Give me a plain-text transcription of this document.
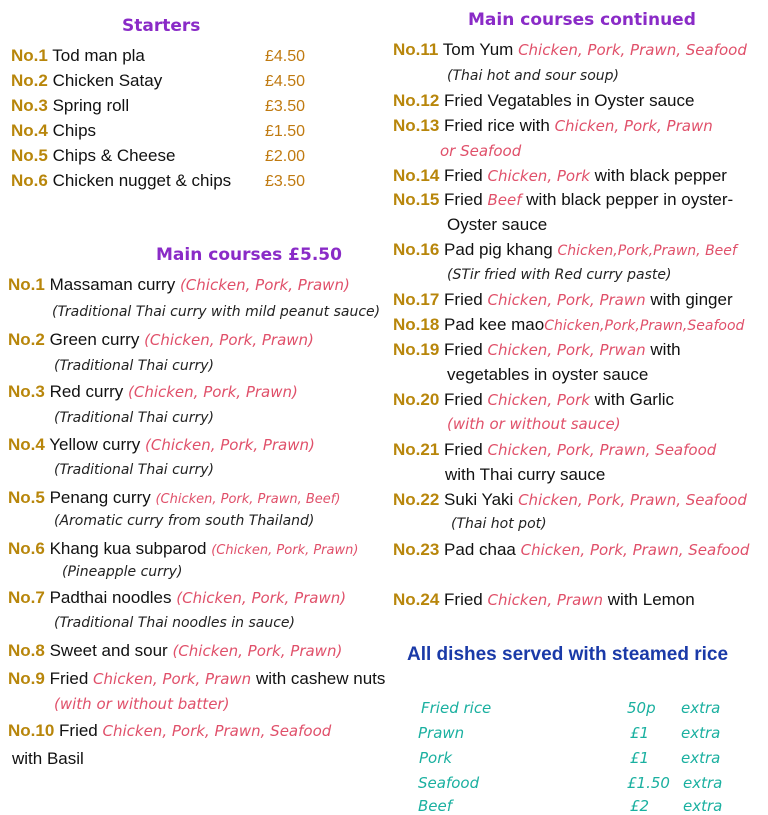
Starters
No.1 Tod man pla	£4.50
No.2 Chicken Satay	£4.50
No.3 Spring roll	£3.50
No.4 Chips	£1.50
No.5 Chips & Cheese	£2.00
No.6 Chicken nugget & chips £3.50
Main courses £5.50
No.1 Massaman curry (Chicken, Pork, Prawn)
(Traditional Thai curry with mild peanut sauce)
No.2 Green curry (Chicken, Pork, Prawn)
(Traditional Thai curry)
No.3 Red curry (Chicken, Pork, Prawn)
(Traditional Thai curry)
No.4 Yellow curry (Chicken, Pork, Prawn)
(Traditional Thai curry)
No.5 Penang curry (Chicken, Pork, Prawn, Beef)
(Aromatic curry from south Thailand)
No.6 Khang kua subparod (Chicken, Pork, Prawn)
(Pineapple curry)
No.7 Padthai noodles (Chicken, Pork, Prawn)
(Traditional Thai noodles in sauce)
No.8 Sweet and sour (Chicken, Pork, Prawn)
No.9 Fried Chicken, Pork, Prawn with cashew nuts
(with or without batter)
No.10 Fried Chicken, Pork, Prawn, Seafood
with Basil
Main courses continued
No.11 Tom Yum Chicken, Pork, Prawn, Seafood
(Thai hot and sour soup)
No.12 Fried Vegatables in Oyster sauce
No.13 Fried rice with Chicken, Pork, Prawn
or Seafood
No.14 Fried Chicken, Pork with black pepper
No.15 Fried Beef with black pepper in oyster-
Oyster sauce
No.16 Pad pig khang Chicken,Pork,Prawn, Beef
(STir fried with Red curry paste)
No.17 Fried Chicken, Pork, Prawn with ginger
No.18 Pad kee maoChicken,Pork,Prawn,Seafood
No.19 Fried Chicken, Pork, Prwan with
vegetables in oyster sauce
No.20 Fried Chicken, Pork with Garlic
(with or without sauce)
No.21 Fried Chicken, Pork, Prawn, Seafood
with Thai curry sauce
No.22 Suki Yaki Chicken, Pork, Prawn, Seafood
(Thai hot pot)
No.23 Pad chaa Chicken, Pork, Prawn, Seafood
No.24 Fried Chicken, Prawn with Lemon
All dishes served with steamed rice
Fried rice	50p extra
Prawn	£1 extra
Pork	£1 extra
Seafood	£1.50 extra
Beef	£2 extra
